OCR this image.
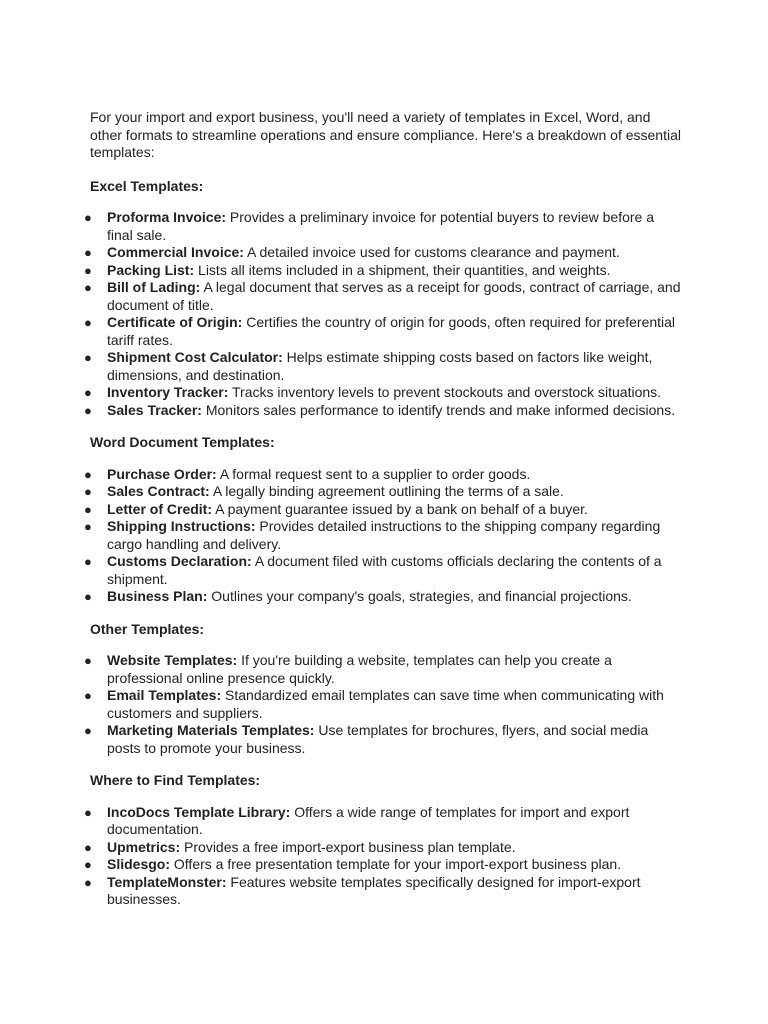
For your import and export business, you'll need a variety of templates in Excel, Word, and other formats to streamline operations and ensure compliance. Here's a breakdown of essential templates:

Excel Templates:

● Proforma Invoice: Provides a preliminary invoice for potential buyers to review before a final sale.
● Commercial Invoice: A detailed invoice used for customs clearance and payment.
● Packing List: Lists all items included in a shipment, their quantities, and weights.
● Bill of Lading: A legal document that serves as a receipt for goods, contract of carriage, and document of title.
● Certificate of Origin: Certifies the country of origin for goods, often required for preferential tariff rates.
● Shipment Cost Calculator: Helps estimate shipping costs based on factors like weight, dimensions, and destination.
● Inventory Tracker: Tracks inventory levels to prevent stockouts and overstock situations.
● Sales Tracker: Monitors sales performance to identify trends and make informed decisions.

Word Document Templates:

● Purchase Order: A formal request sent to a supplier to order goods.
● Sales Contract: A legally binding agreement outlining the terms of a sale.
● Letter of Credit: A payment guarantee issued by a bank on behalf of a buyer.
● Shipping Instructions: Provides detailed instructions to the shipping company regarding cargo handling and delivery.
● Customs Declaration: A document filed with customs officials declaring the contents of a shipment.
● Business Plan: Outlines your company's goals, strategies, and financial projections.

Other Templates:

● Website Templates: If you're building a website, templates can help you create a professional online presence quickly.
● Email Templates: Standardized email templates can save time when communicating with customers and suppliers.
● Marketing Materials Templates: Use templates for brochures, flyers, and social media posts to promote your business.

Where to Find Templates:

● IncoDocs Template Library: Offers a wide range of templates for import and export documentation.
● Upmetrics: Provides a free import-export business plan template.
● Slidesgo: Offers a free presentation template for your import-export business plan.
● TemplateMonster: Features website templates specifically designed for import-export businesses.
